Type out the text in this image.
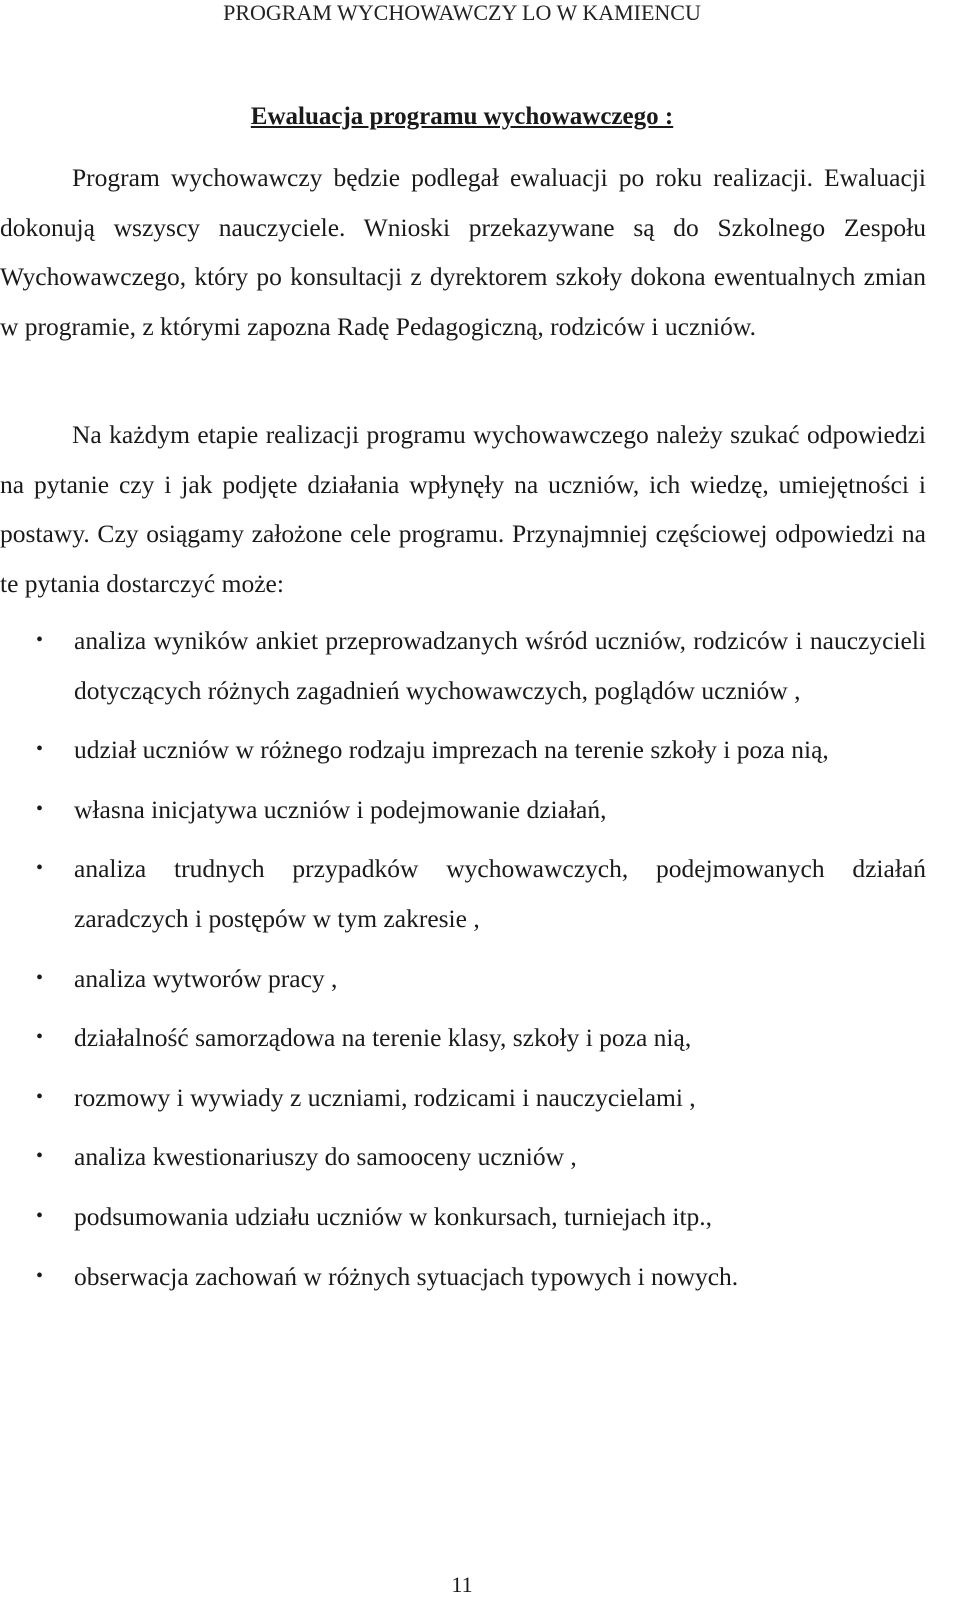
PROGRAM WYCHOWAWCZY LO W KAMIENCU
Ewaluacja programu wychowawczego :

Program wychowawczy będzie podlegał ewaluacji po roku realizacji. Ewaluacji dokonują wszyscy nauczyciele. Wnioski przekazywane są do Szkolnego Zespołu Wychowawczego, który po konsultacji z dyrektorem szkoły dokona ewentualnych zmian w programie, z którymi zapozna Radę Pedagogiczną, rodziców i uczniów.

Na każdym etapie realizacji programu wychowawczego należy szukać odpowiedzi na pytanie czy i jak podjęte działania wpłynęły na uczniów, ich wiedzę, umiejętności i postawy. Czy osiągamy założone cele programu. Przynajmniej częściowej odpowiedzi na te pytania dostarczyć może:

• analiza wyników ankiet przeprowadzanych wśród uczniów, rodziców i nauczycieli dotyczących różnych zagadnień wychowawczych, poglądów uczniów ,
• udział uczniów w różnego rodzaju imprezach na terenie szkoły i poza nią,
• własna inicjatywa uczniów i podejmowanie działań,
• analiza trudnych przypadków wychowawczych, podejmowanych działań zaradczych i postępów w tym zakresie ,
• analiza wytworów pracy ,
• działalność samorządowa na terenie klasy, szkoły i poza nią,
• rozmowy i wywiady z uczniami, rodzicami i nauczycielami ,
• analiza kwestionariuszy do samooceny uczniów ,
• podsumowania udziału uczniów w konkursach, turniejach itp.,
• obserwacja zachowań w różnych sytuacjach typowych i nowych.
11
